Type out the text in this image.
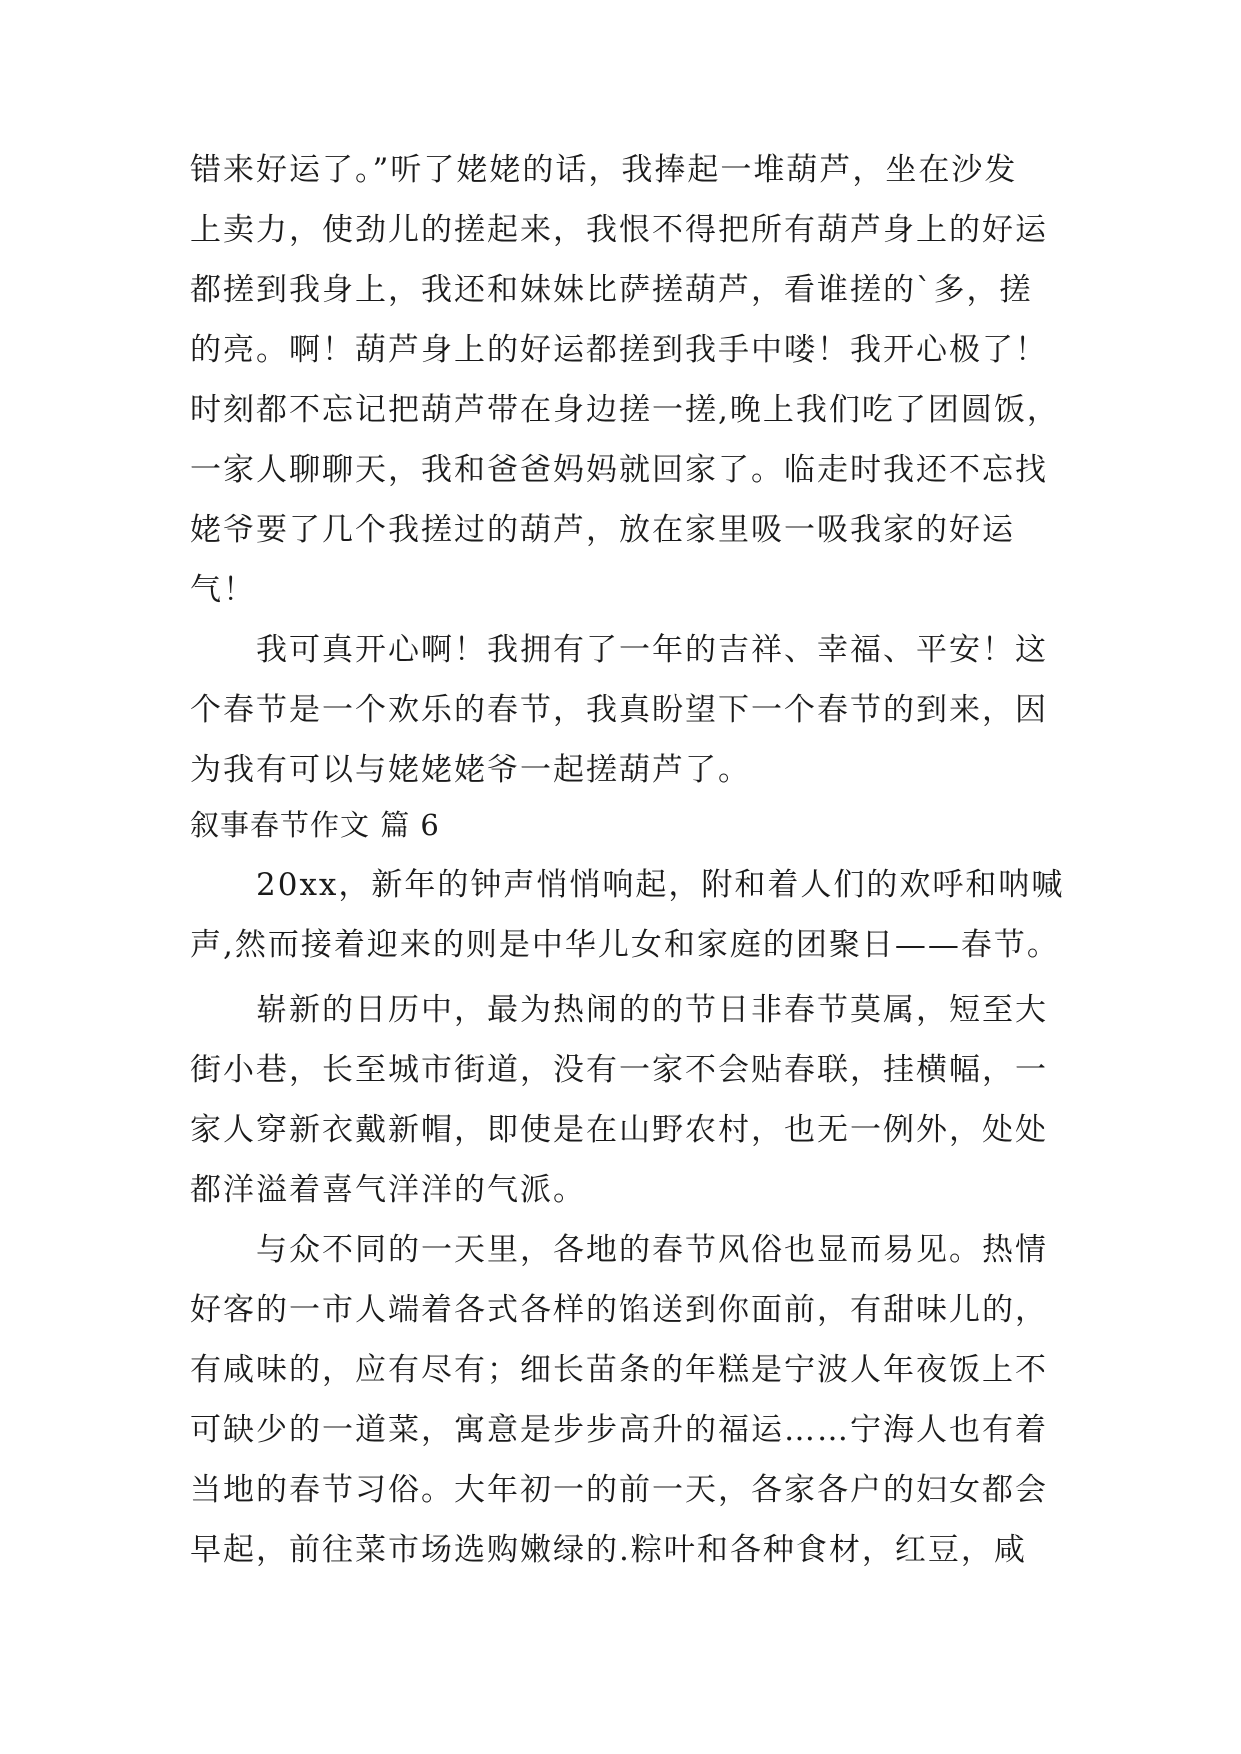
错来好运了。”听了姥姥的话，我捧起一堆葫芦，坐在沙发
上卖力，使劲儿的搓起来，我恨不得把所有葫芦身上的好运
都搓到我身上，我还和妹妹比萨搓葫芦，看谁搓的`多，搓
的亮。啊！葫芦身上的好运都搓到我手中喽！我开心极了！
时刻都不忘记把葫芦带在身边搓一搓,晚上我们吃了团圆饭，
一家人聊聊天，我和爸爸妈妈就回家了。临走时我还不忘找
姥爷要了几个我搓过的葫芦，放在家里吸一吸我家的好运
气！
　　我可真开心啊！我拥有了一年的吉祥、幸福、平安！这
个春节是一个欢乐的春节，我真盼望下一个春节的到来，因
为我有可以与姥姥姥爷一起搓葫芦了。
叙事春节作文 篇 6
　　20xx，新年的钟声悄悄响起，附和着人们的欢呼和呐喊
声,然而接着迎来的则是中华儿女和家庭的团聚日——春节。
　　崭新的日历中，最为热闹的的节日非春节莫属，短至大
街小巷，长至城市街道，没有一家不会贴春联，挂横幅，一
家人穿新衣戴新帽，即使是在山野农村，也无一例外，处处
都洋溢着喜气洋洋的气派。
　　与众不同的一天里，各地的春节风俗也显而易见。热情
好客的一市人端着各式各样的馅送到你面前，有甜味儿的，
有咸味的，应有尽有；细长苗条的年糕是宁波人年夜饭上不
可缺少的一道菜，寓意是步步高升的福运……宁海人也有着
当地的春节习俗。大年初一的前一天，各家各户的妇女都会
早起，前往菜市场选购嫩绿的.粽叶和各种食材，红豆，咸
